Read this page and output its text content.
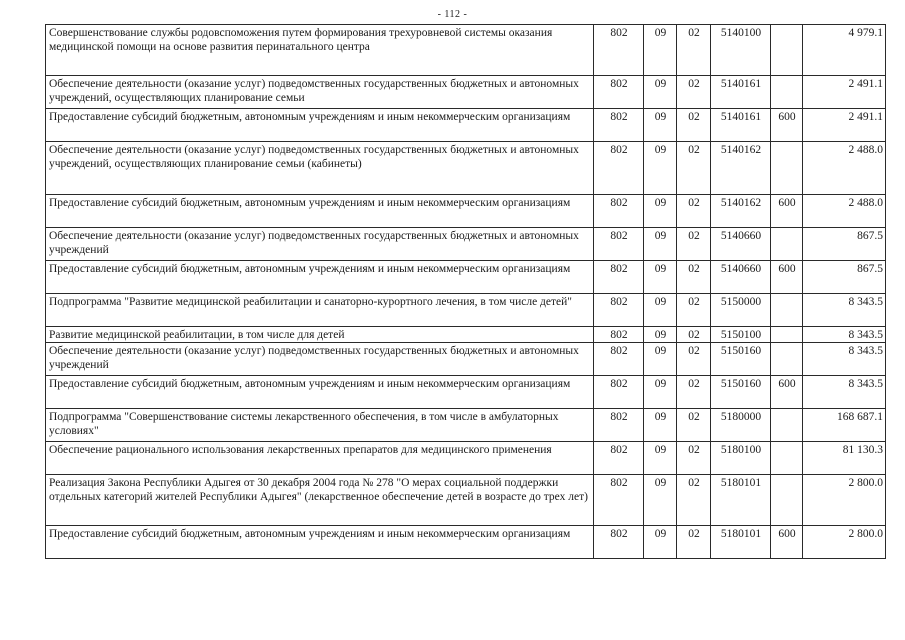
- 112 -
Совершенствование службы родовспоможения путем формирования трехуровневой системы оказания медицинской помощи на основе развития перинатального центра	802	09	02	5140100		4 979.1
Обеспечение деятельности (оказание услуг) подведомственных государственных бюджетных и автономных учреждений, осуществляющих планирование семьи	802	09	02	5140161		2 491.1
Предоставление субсидий бюджетным, автономным учреждениям и иным некоммерческим организациям	802	09	02	5140161	600	2 491.1
Обеспечение деятельности (оказание услуг) подведомственных государственных бюджетных и автономных учреждений, осуществляющих планирование семьи (кабинеты)	802	09	02	5140162		2 488.0
Предоставление субсидий бюджетным, автономным учреждениям и иным некоммерческим организациям	802	09	02	5140162	600	2 488.0
Обеспечение деятельности (оказание услуг) подведомственных государственных бюджетных и автономных учреждений	802	09	02	5140660		867.5
Предоставление субсидий бюджетным, автономным учреждениям и иным некоммерческим организациям	802	09	02	5140660	600	867.5
Подпрограмма "Развитие медицинской реабилитации и санаторно-курортного лечения, в том числе детей"	802	09	02	5150000		8 343.5
Развитие медицинской реабилитации, в том числе для детей	802	09	02	5150100		8 343.5
Обеспечение деятельности (оказание услуг) подведомственных государственных бюджетных и автономных учреждений	802	09	02	5150160		8 343.5
Предоставление субсидий бюджетным, автономным учреждениям и иным некоммерческим организациям	802	09	02	5150160	600	8 343.5
Подпрограмма "Совершенствование системы лекарственного обеспечения, в том числе в амбулаторных условиях"	802	09	02	5180000		168 687.1
Обеспечение рационального использования лекарственных препаратов для медицинского применения	802	09	02	5180100		81 130.3
Реализация Закона Республики Адыгея от 30 декабря 2004 года № 278 "О мерах социальной поддержки отдельных категорий жителей Республики Адыгея" (лекарственное обеспечение детей в возрасте до трех лет)	802	09	02	5180101		2 800.0
Предоставление субсидий бюджетным, автономным учреждениям и иным некоммерческим организациям	802	09	02	5180101	600	2 800.0
